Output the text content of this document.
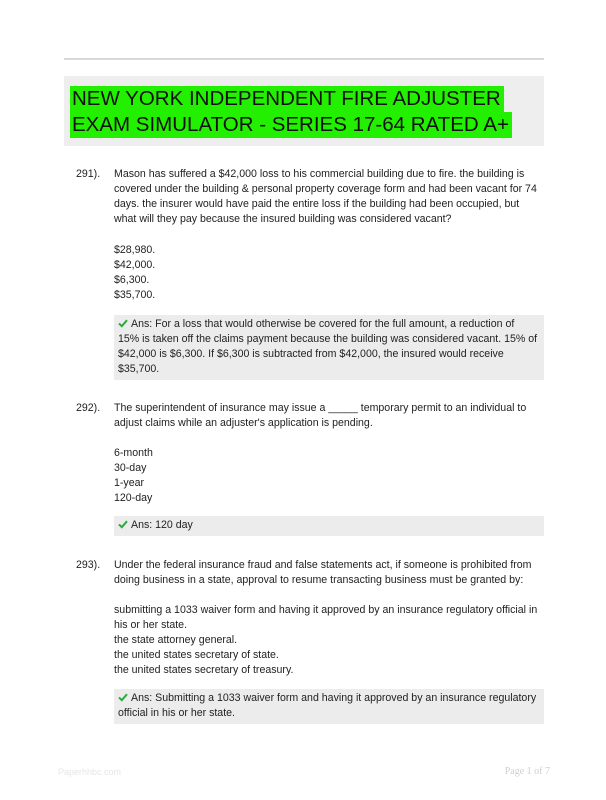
NEW YORK INDEPENDENT FIRE ADJUSTER
EXAM SIMULATOR - SERIES 17-64 RATED A+
291). Mason has suffered a $42,000 loss to his commercial building due to fire. the building is covered under the building & personal property coverage form and had been vacant for 74 days. the insurer would have paid the entire loss if the building had been occupied, but what will they pay because the insured building was considered vacant?
$28,980.
$42,000.
$6,300.
$35,700.
Ans: For a loss that would otherwise be covered for the full amount, a reduction of 15% is taken off the claims payment because the building was considered vacant. 15% of $42,000 is $6,300. If $6,300 is subtracted from $42,000, the insured would receive $35,700.
292). The superintendent of insurance may issue a _____ temporary permit to an individual to adjust claims while an adjuster's application is pending.
6-month
30-day
1-year
120-day
Ans: 120 day
293). Under the federal insurance fraud and false statements act, if someone is prohibited from doing business in a state, approval to resume transacting business must be granted by:
submitting a 1033 waiver form and having it approved by an insurance regulatory official in his or her state.
the state attorney general.
the united states secretary of state.
the united states secretary of treasury.
Ans: Submitting a 1033 waiver form and having it approved by an insurance regulatory official in his or her state.
Paperhhbc.com	Page 1 of 7
